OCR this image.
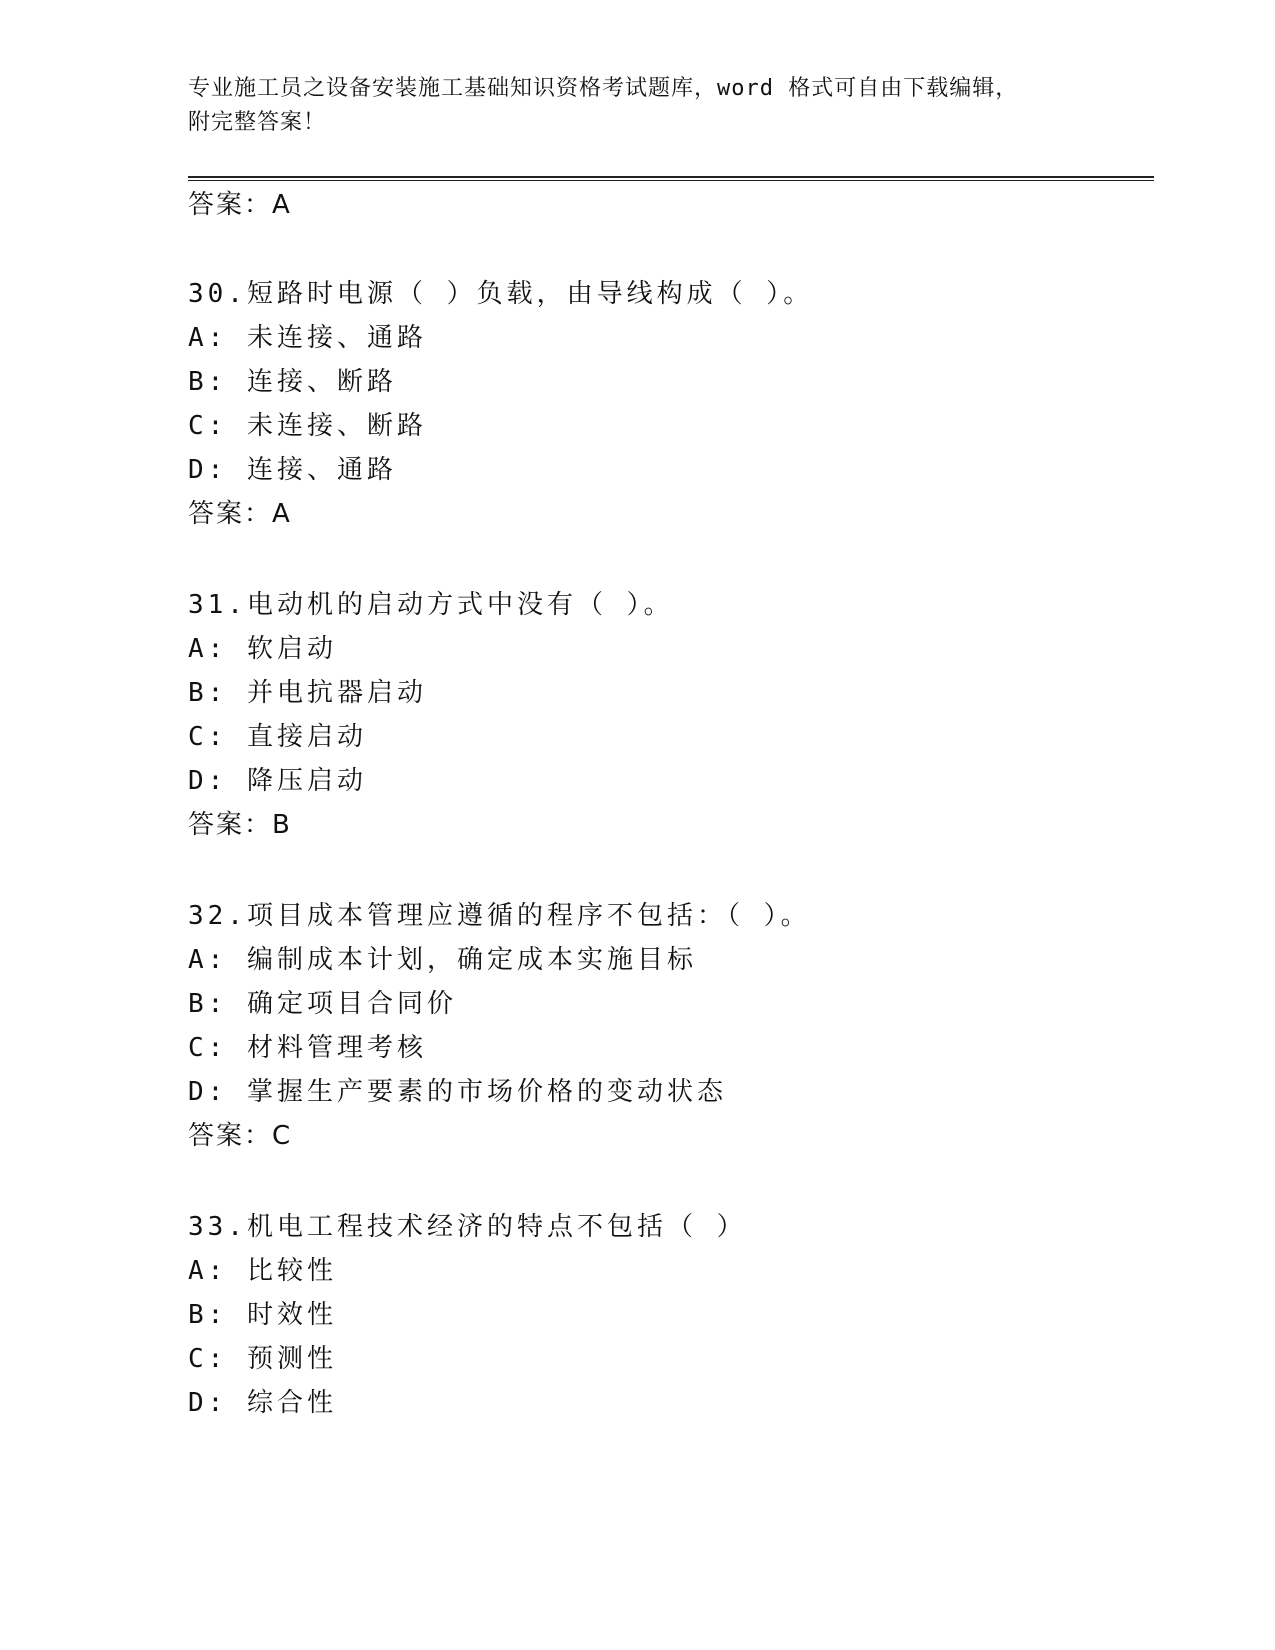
专业施工员之设备安装施工基础知识资格考试题库，word 格式可自由下载编辑，
附完整答案！
答案：A
30.短路时电源（ ）负载，由导线构成（ ）。
A: 未连接、通路
B: 连接、断路
C: 未连接、断路
D: 连接、通路
答案：A
31.电动机的启动方式中没有（ ）。
A: 软启动
B: 并电抗器启动
C: 直接启动
D: 降压启动
答案：B
32.项目成本管理应遵循的程序不包括：（ ）。
A: 编制成本计划，确定成本实施目标
B: 确定项目合同价
C: 材料管理考核
D: 掌握生产要素的市场价格的变动状态
答案：C
33.机电工程技术经济的特点不包括（ ）
A: 比较性
B: 时效性
C: 预测性
D: 综合性
